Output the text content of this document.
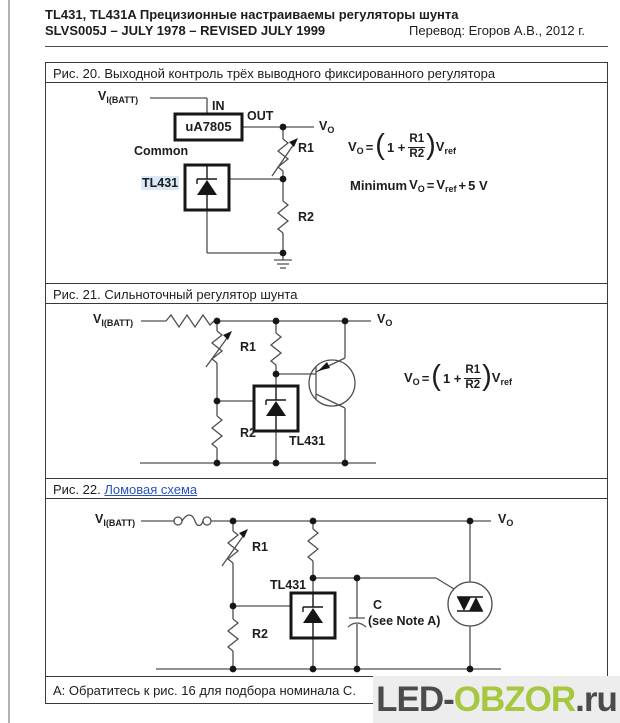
TL431, TL431A Прецизионные настраиваемы регуляторы шунта
SLVS005J – JULY 1978 – REVISED JULY 1999	Перевод: Егоров А.В., 2012 г.
Рис. 20. Выходной контроль трёх выводного фиксированного регулятора
$V_{I(BATT)}$	IN
uA7805
OUT
$V_O$
Common
TL431
R1
R2
$V_O$ = ( $1 + \frac{R1}{R2}$ ) $V_{ref}$
Minimum $V_O = V_{ref} + 5$ V
Рис. 21. Сильноточный регулятор шунта
$V_{I(BATT)}$	$V_O$
R1
R2
TL431
$V_O$ = ( $1 + \frac{R1}{R2}$ ) $V_{ref}$
Рис. 22. Ломовая схема
$V_{I(BATT)}$	$V_O$
R1
R2
TL431
C
(see Note A)
A: Обратитесь к рис. 16 для подбора номинала C. LED- OBZOR .ru
